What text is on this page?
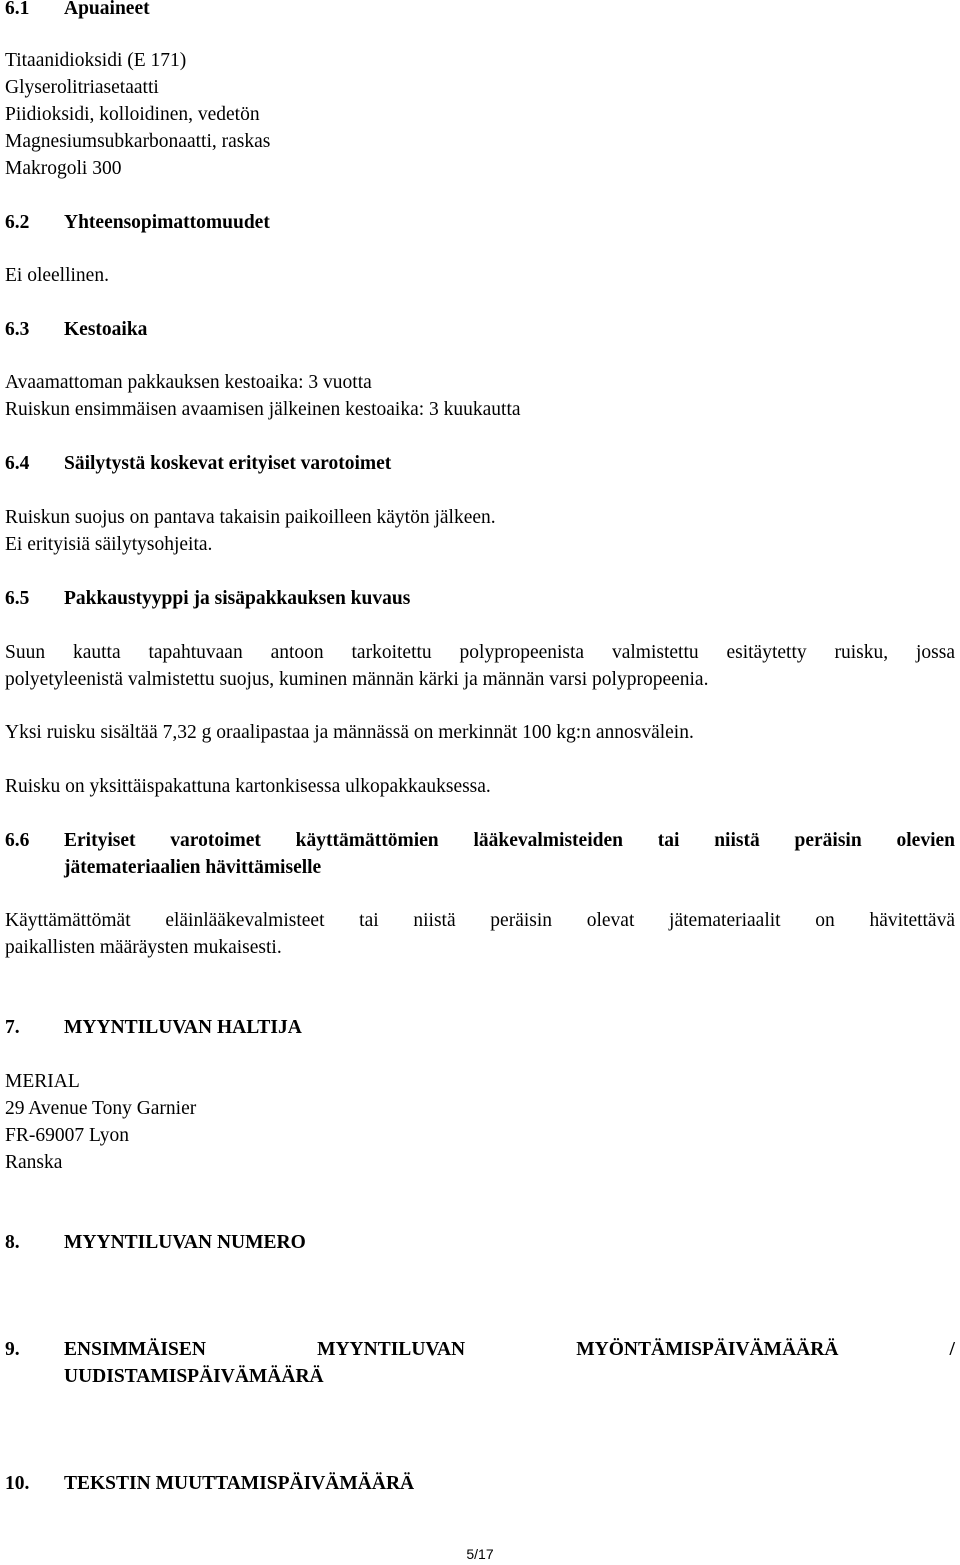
6.1 Apuaineet
Titaanidioksidi (E 171)
Glyserolitriasetaatti
Piidioksidi, kolloidinen, vedetön
Magnesiumsubkarbonaatti, raskas
Makrogoli 300
6.2 Yhteensopimattomuudet
Ei oleellinen.
6.3 Kestoaika
Avaamattoman pakkauksen kestoaika: 3 vuotta
Ruiskun ensimmäisen avaamisen jälkeinen kestoaika: 3 kuukautta
6.4 Säilytystä koskevat erityiset varotoimet
Ruiskun suojus on pantava takaisin paikoilleen käytön jälkeen.
Ei erityisiä säilytysohjeita.
6.5 Pakkaustyyppi ja sisäpakkauksen kuvaus
Suun kautta tapahtuvaan antoon tarkoitettu polypropeenista valmistettu esitäytetty ruisku, jossa
polyetyleenistä valmistettu suojus, kuminen männän kärki ja männän varsi polypropeenia.
Yksi ruisku sisältää 7,32 g oraalipastaa ja männässä on merkinnät 100 kg:n annosvälein.
Ruisku on yksittäispakattuna kartonkisessa ulkopakkauksessa.
6.6 Erityiset varotoimet käyttämättömien lääkevalmisteiden tai niistä peräisin olevien
jätemateriaalien hävittämiselle
Käyttämättömät eläinlääkevalmisteet tai niistä peräisin olevat jätemateriaalit on hävitettävä
paikallisten määräysten mukaisesti.
7. MYYNTILUVAN HALTIJA
MERIAL
29 Avenue Tony Garnier
FR-69007 Lyon
Ranska
8. MYYNTILUVAN NUMERO
9. ENSIMMÄISEN	MYYNTILUVAN	MYÖNTÄMISPÄIVÄMÄÄRÄ	/
UUDISTAMISPÄIVÄMÄÄRÄ
10. TEKSTIN MUUTTAMISPÄIVÄMÄÄRÄ
5/17
